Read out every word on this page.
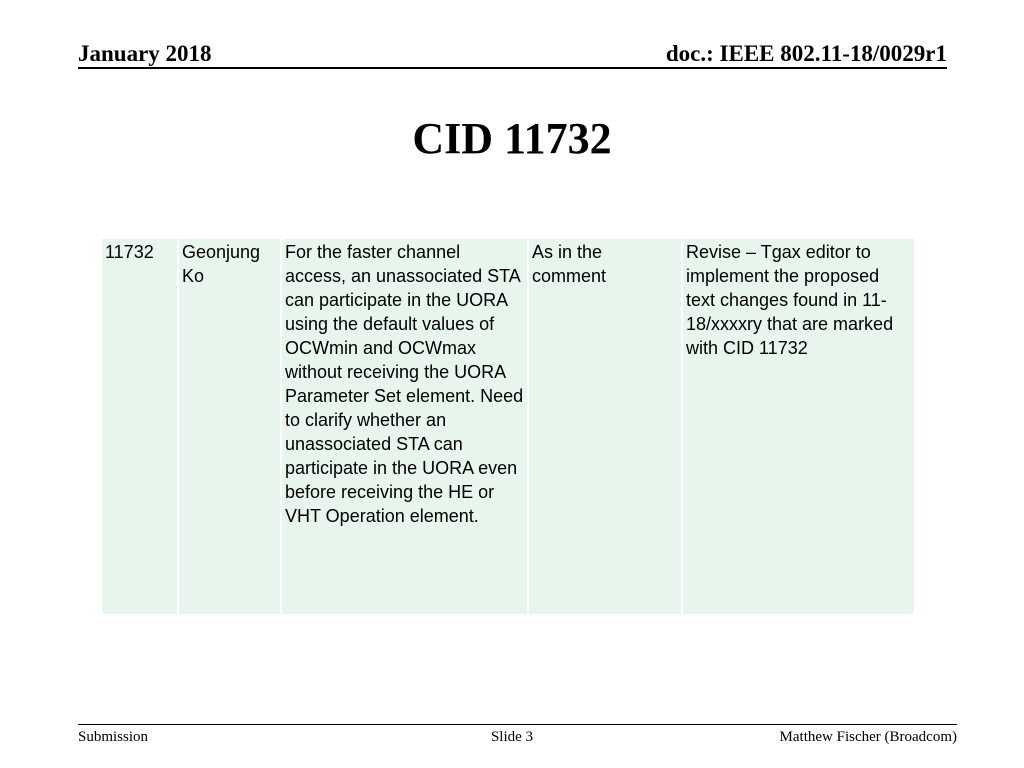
January 2018	doc.: IEEE 802.11-18/0029r1
CID 11732
11732	Geonjung Ko	For the faster channel access, an unassociated STA can participate in the UORA using the default values of OCWmin and OCWmax without receiving the UORA Parameter Set element. Need to clarify whether an unassociated STA can participate in the UORA even before receiving the HE or VHT Operation element.	As in the comment	Revise – Tgax editor to implement the proposed text changes found in 11-18/xxxxry that are marked with CID 11732
Submission	Slide 3	Matthew Fischer (Broadcom)
